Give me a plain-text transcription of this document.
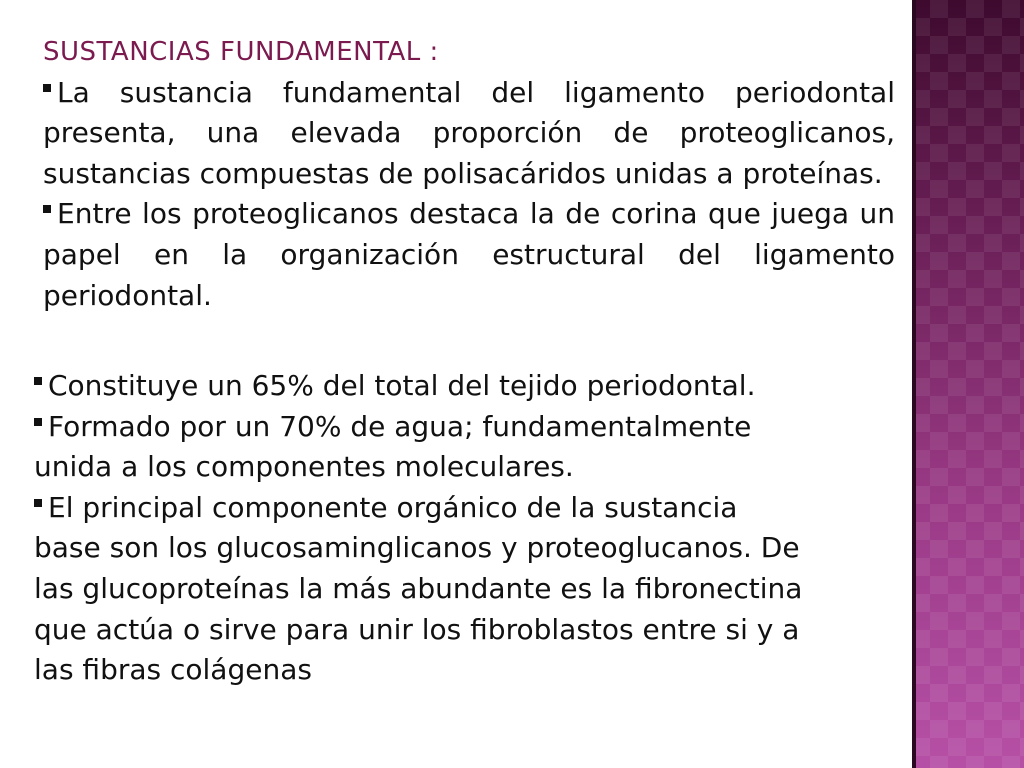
SUSTANCIAS FUNDAMENTAL :

La sustancia fundamental del ligamento periodontal presenta, una elevada proporción de proteoglicanos, sustancias compuestas de polisacáridos unidas a proteínas.

Entre los proteoglicanos destaca la de corina que juega un papel en la organización estructural del ligamento periodontal.

Constituye un 65% del total del tejido periodontal.
Formado por un 70% de agua; fundamentalmente
unida a los componentes moleculares.
El principal componente orgánico de la sustancia
base son los glucosaminglicanos y proteoglucanos. De
las glucoproteínas la más abundante es la fibronectina
que actúa o sirve para unir los fibroblastos entre si y a
las fibras colágenas
